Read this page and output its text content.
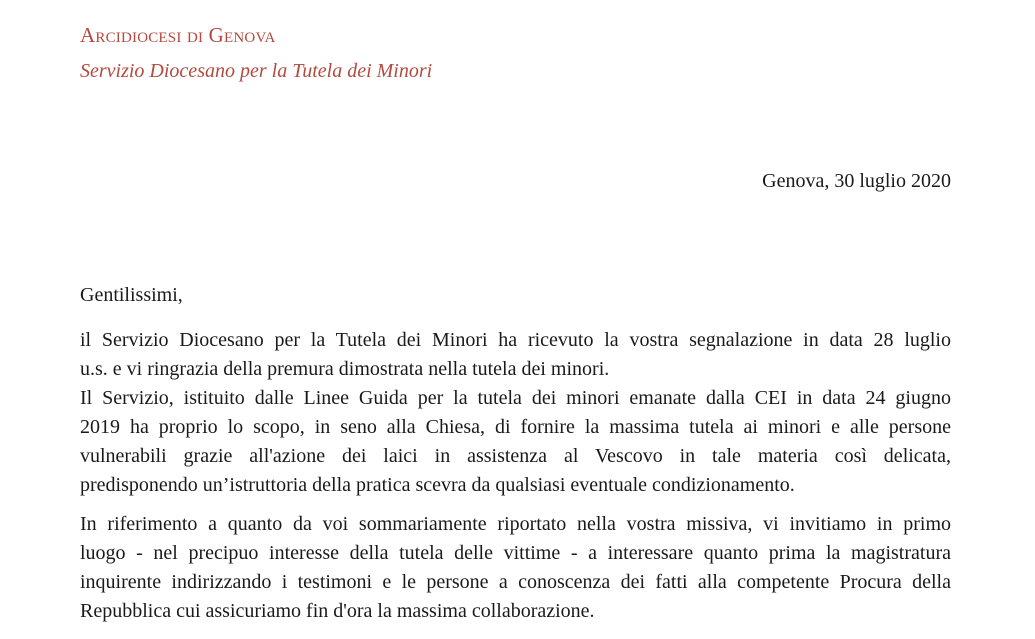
Arcidiocesi di Genova
Servizio Diocesano per la Tutela dei Minori
Genova, 30 luglio 2020
Gentilissimi,
il Servizio Diocesano per la Tutela dei Minori ha ricevuto la vostra segnalazione in data 28 luglio
u.s. e vi ringrazia della premura dimostrata nella tutela dei minori.
Il Servizio, istituito dalle Linee Guida per la tutela dei minori emanate dalla CEI in data 24 giugno
2019 ha proprio lo scopo, in seno alla Chiesa, di fornire la massima tutela ai minori e alle persone
vulnerabili grazie all'azione dei laici in assistenza al Vescovo in tale materia così delicata,
predisponendo un’istruttoria della pratica scevra da qualsiasi eventuale condizionamento.
In riferimento a quanto da voi sommariamente riportato nella vostra missiva, vi invitiamo in primo
luogo - nel precipuo interesse della tutela delle vittime - a interessare quanto prima la magistratura
inquirente indirizzando i testimoni e le persone a conoscenza dei fatti alla competente Procura della
Repubblica cui assicuriamo fin d'ora la massima collaborazione.
